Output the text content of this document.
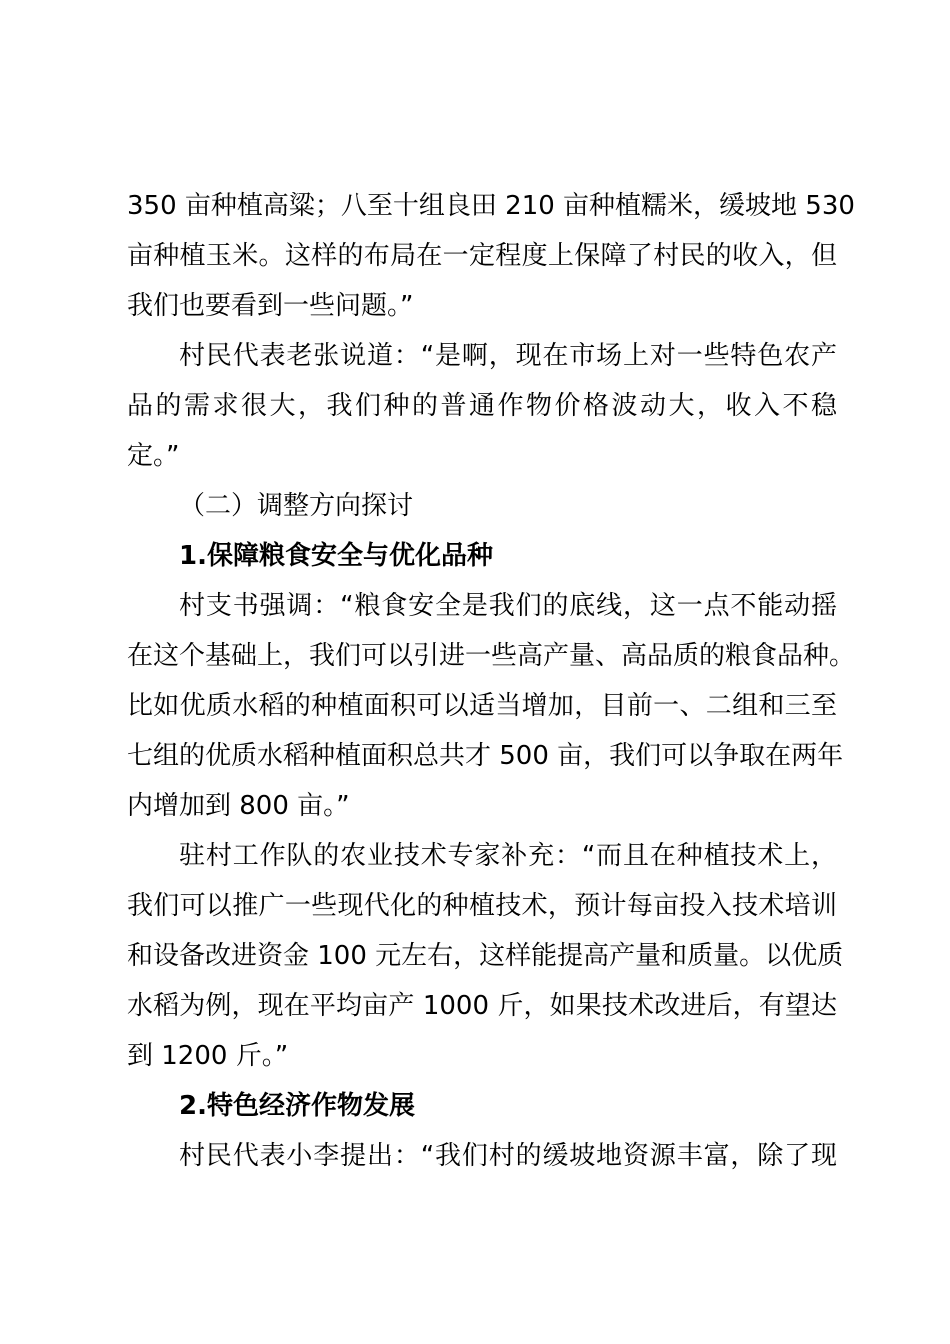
350 亩种植高粱；八至十组良田 210 亩种植糯米，缓坡地 530
亩种植玉米。这样的布局在一定程度上保障了村民的收入，但
我们也要看到一些问题。”
村民代表老张说道：“是啊，现在市场上对一些特色农产
品的需求很大，我们种的普通作物价格波动大，收入不稳
定。”
（二）调整方向探讨
1.保障粮食安全与优化品种
村支书强调：“粮食安全是我们的底线，这一点不能动摇
在这个基础上，我们可以引进一些高产量、高品质的粮食品种。
比如优质水稻的种植面积可以适当增加，目前一、二组和三至
七组的优质水稻种植面积总共才 500 亩，我们可以争取在两年
内增加到 800 亩。”
驻村工作队的农业技术专家补充：“而且在种植技术上，
我们可以推广一些现代化的种植技术，预计每亩投入技术培训
和设备改进资金 100 元左右，这样能提高产量和质量。以优质
水稻为例，现在平均亩产 1000 斤，如果技术改进后，有望达
到 1200 斤。”
2.特色经济作物发展
村民代表小李提出：“我们村的缓坡地资源丰富，除了现
